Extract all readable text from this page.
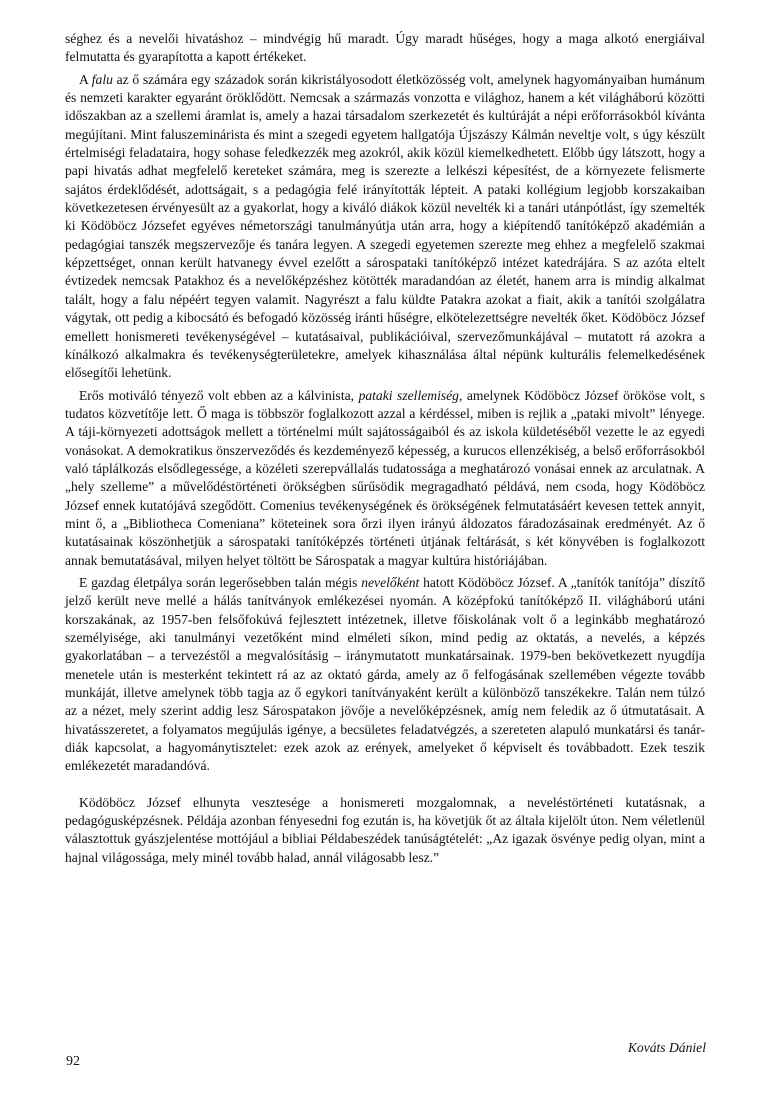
séghez és a nevelői hivatáshoz – mindvégig hű maradt. Úgy maradt hűséges, hogy a maga alkotó energiáival felmutatta és gyarapította a kapott értékeket.

A falu az ő számára egy századok során kikristályosodott életközösség volt, amelynek hagyományaiban humánum és nemzeti karakter egyaránt öröklődött. Nemcsak a származás vonzotta e világhoz, hanem a két világháború közötti időszakban az a szellemi áramlat is, amely a hazai társadalom szerkezetét és kultúráját a népi erőforrásokból kívánta megújítani. Mint faluszeminárista és mint a szegedi egyetem hallgatója Újszászy Kálmán neveltje volt, s úgy készült értelmiségi feladataira, hogy sohase feledkezzék meg azokról, akik közül kiemelkedhetett. Előbb úgy látszott, hogy a papi hivatás adhat megfelelő kereteket számára, meg is szerezte a lelkészi képesítést, de a környezete felismerte sajátos érdeklődését, adottságait, s a pedagógia felé irányították lépteit. A pataki kollégium legjobb korszakaiban következetesen érvényesült az a gyakorlat, hogy a kiváló diákok közül nevelték ki a tanári utánpótlást, így szemelték ki Ködöböcz Józsefet egyéves németországi tanulmányútja után arra, hogy a kiépítendő tanítóképző akadémián a pedagógiai tanszék megszervezője és tanára legyen. A szegedi egyetemen szerezte meg ehhez a megfelelő szakmai képzettséget, onnan került hatvanegy évvel ezelőtt a sárospataki tanítóképző intézet katedrájára. S az azóta eltelt évtizedek nemcsak Patakhoz és a nevelőképzéshez kötötték maradandóan az életét, hanem arra is mindig alkalmat talált, hogy a falu népéért tegyen valamit. Nagyrészt a falu küldte Patakra azokat a fiait, akik a tanítói szolgálatra vágytak, ott pedig a kibocsátó és befogadó közösség iránti hűségre, elkötelezettségre nevelték őket. Ködöböcz József emellett honismereti tevékenységével – kutatásaival, publikációival, szervezőmunkájával – mutatott rá azokra a kínálkozó alkalmakra és tevékenységterületekre, amelyek kihasználása által népünk kulturális felemelkedésének elősegítői lehetünk.

Erős motiváló tényező volt ebben az a kálvinista, pataki szellemiség, amelynek Ködöböcz József örököse volt, s tudatos közvetítője lett. Ő maga is többször foglalkozott azzal a kérdéssel, miben is rejlik a „pataki mivolt” lényege. A táji-környezeti adottságok mellett a történelmi múlt sajátosságaiból és az iskola küldetéséből vezette le az egyedi vonásokat. A demokratikus önszerveződés és kezdeményező képesség, a kurucos ellenzékiség, a belső erőforrásokból való táplálkozás elsődlegessége, a közéleti szerepvállalás tudatossága a meghatározó vonásai ennek az arculatnak. A „hely szelleme” a művelődéstörténeti örökségben sűrűsödik megragadható példává, nem csoda, hogy Ködöböcz József ennek kutatójává szegődött. Comenius tevékenységének és örökségének felmutatásáért kevesen tettek annyit, mint ő, a „Bibliotheca Comeniana” köteteinek sora őrzi ilyen irányú áldozatos fáradozásainak eredményét. Az ő kutatásainak köszönhetjük a sárospataki tanítóképzés történeti útjának feltárását, s két könyvében is foglalkozott annak bemutatásával, milyen helyet töltött be Sárospatak a magyar kultúra históriájában.

E gazdag életpálya során legerősebben talán mégis nevelőként hatott Ködöböcz József. A „tanítók tanítója” díszítő jelző került neve mellé a hálás tanítványok emlékezései nyomán. A középfokú tanítóképző II. világháború utáni korszakának, az 1957-ben felsőfokúvá fejlesztett intézetnek, illetve főiskolának volt ő a leginkább meghatározó személyisége, aki tanulmányi vezetőként mind elméleti síkon, mind pedig az oktatás, a nevelés, a képzés gyakorlatában – a tervezéstől a megvalósításig – iránymutatott munkatársainak. 1979-ben bekövetkezett nyugdíja menetele után is mesterként tekintett rá az az oktató gárda, amely az ő felfogásának szellemében végezte tovább munkáját, illetve amelynek több tagja az ő egykori tanítványaként került a különböző tanszékekre. Talán nem túlzó az a nézet, mely szerint addig lesz Sárospatakon jövője a nevelőképzésnek, amíg nem feledik az ő útmutatásait. A hivatásszeretet, a folyamatos megújulás igénye, a becsületes feladatvégzés, a szereteten alapuló munkatársi és tanár-diák kapcsolat, a hagyománytisztelet: ezek azok az erények, amelyeket ő képviselt és továbbadott. Ezek teszik emlékezetét maradandóvá.

Ködöböcz József elhunyta vesztesége a honismereti mozgalomnak, a neveléstörténeti kutatásnak, a pedagógusképzésnek. Példája azonban fényesedni fog ezután is, ha követjük őt az általa kijelölt úton. Nem véletlenül választottuk gyászjelentése mottójául a bibliai Példabeszédek tanúságtételét: „Az igazak ösvénye pedig olyan, mint a hajnal világossága, mely minél tovább halad, annál világosabb lesz.”

Kováts Dániel
92
